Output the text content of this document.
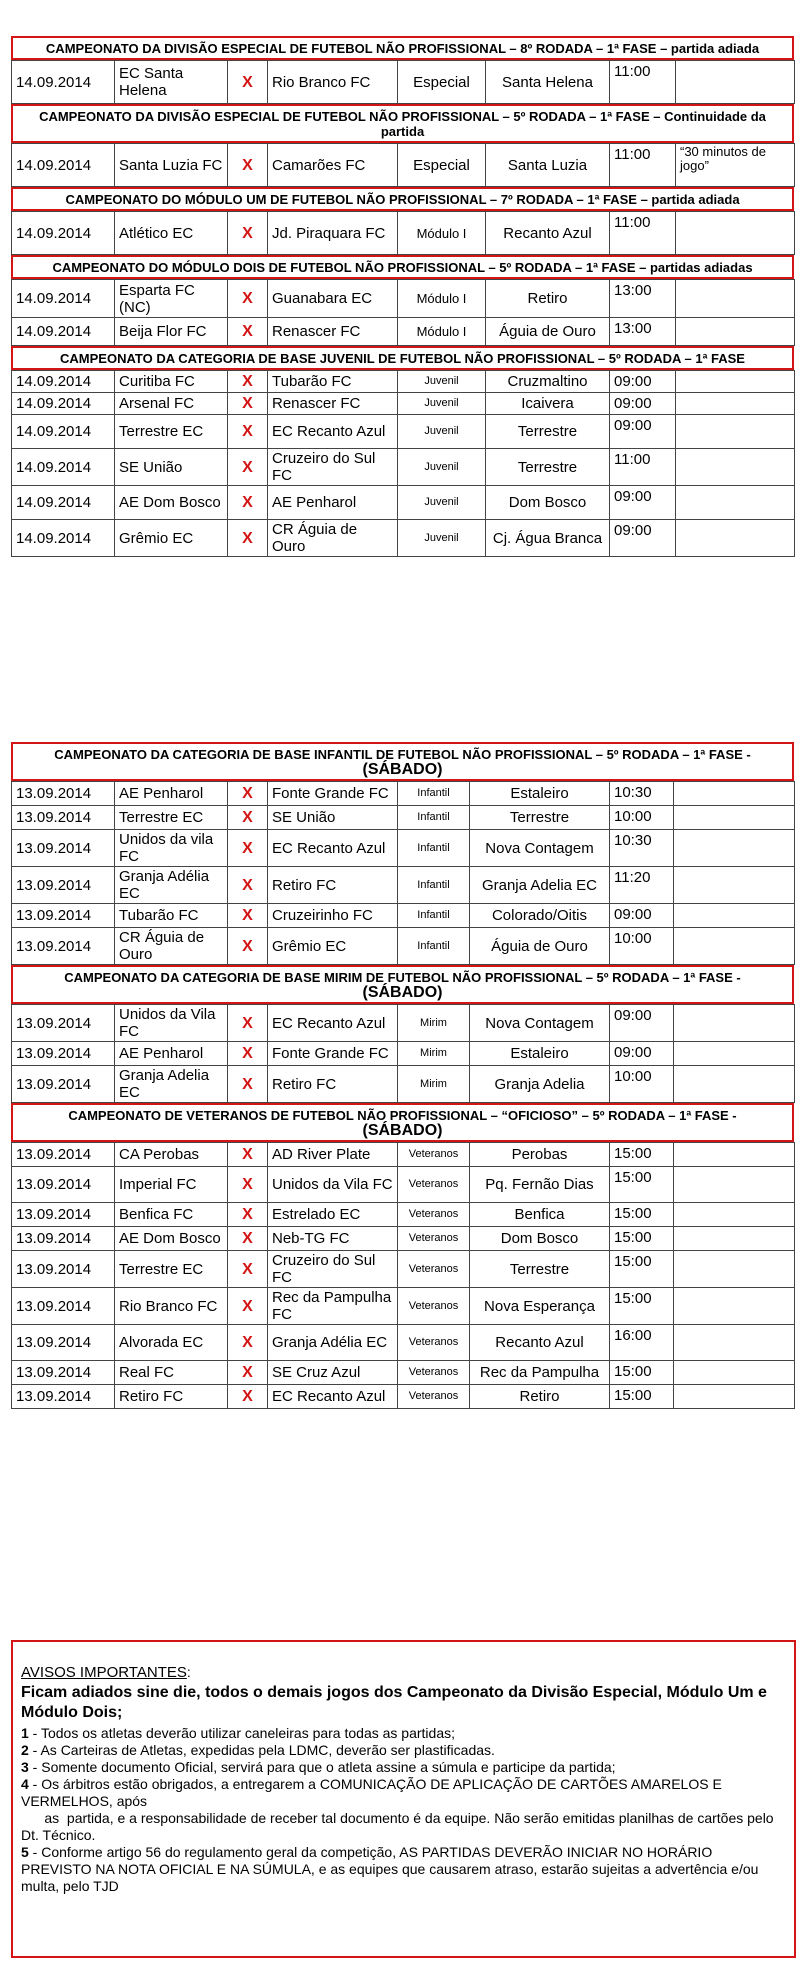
CAMPEONATO DA DIVISÃO ESPECIAL DE FUTEBOL NÃO PROFISSIONAL – 8º RODADA – 1ª FASE – partida adiada
14.09.2014	EC Santa Helena	X	Rio Branco FC	Especial	Santa Helena	11:00	
CAMPEONATO DA DIVISÃO ESPECIAL DE FUTEBOL NÃO PROFISSIONAL – 5º RODADA – 1ª FASE – Continuidade da partida
14.09.2014	Santa Luzia FC	X	Camarões FC	Especial	Santa Luzia	11:00	“30 minutos de jogo”
CAMPEONATO DO MÓDULO UM DE FUTEBOL NÃO PROFISSIONAL – 7º RODADA – 1ª FASE – partida adiada
14.09.2014	Atlético EC	X	Jd. Piraquara FC	Módulo I	Recanto Azul	11:00	
CAMPEONATO DO MÓDULO DOIS DE FUTEBOL NÃO PROFISSIONAL – 5º RODADA – 1ª FASE – partidas adiadas
14.09.2014	Esparta FC (NC)	X	Guanabara EC	Módulo I	Retiro	13:00	
14.09.2014	Beija Flor FC	X	Renascer FC	Módulo I	Águia de Ouro	13:00	
CAMPEONATO DA CATEGORIA DE BASE JUVENIL DE FUTEBOL NÃO PROFISSIONAL – 5º RODADA – 1ª FASE
14.09.2014	Curitiba FC	X	Tubarão FC	Juvenil	Cruzmaltino	09:00	
14.09.2014	Arsenal FC	X	Renascer FC	Juvenil	Icaivera	09:00	
14.09.2014	Terrestre EC	X	EC Recanto Azul	Juvenil	Terrestre	09:00	
14.09.2014	SE União	X	Cruzeiro do Sul FC	Juvenil	Terrestre	11:00	
14.09.2014	AE Dom Bosco	X	AE Penharol	Juvenil	Dom Bosco	09:00	
14.09.2014	Grêmio EC	X	CR Águia de Ouro	Juvenil	Cj. Água Branca	09:00	
CAMPEONATO DA CATEGORIA DE BASE INFANTIL DE FUTEBOL NÃO PROFISSIONAL – 5º RODADA – 1ª FASE - (SÁBADO)
13.09.2014	AE Penharol	X	Fonte Grande FC	Infantil	Estaleiro	10:30	
13.09.2014	Terrestre EC	X	SE União	Infantil	Terrestre	10:00	
13.09.2014	Unidos da vila FC	X	EC Recanto Azul	Infantil	Nova Contagem	10:30	
13.09.2014	Granja Adélia EC	X	Retiro FC	Infantil	Granja Adelia EC	11:20	
13.09.2014	Tubarão FC	X	Cruzeirinho FC	Infantil	Colorado/Oitis	09:00	
13.09.2014	CR Águia de Ouro	X	Grêmio EC	Infantil	Águia de Ouro	10:00	
CAMPEONATO DA CATEGORIA DE BASE MIRIM DE FUTEBOL NÃO PROFISSIONAL – 5º RODADA – 1ª FASE - (SÁBADO)
13.09.2014	Unidos da Vila FC	X	EC Recanto Azul	Mirim	Nova Contagem	09:00	
13.09.2014	AE Penharol	X	Fonte Grande FC	Mirim	Estaleiro	09:00	
13.09.2014	Granja Adelia EC	X	Retiro FC	Mirim	Granja Adelia	10:00	
CAMPEONATO DE VETERANOS DE FUTEBOL NÃO PROFISSIONAL – “OFICIOSO” – 5º RODADA – 1ª FASE - (SÁBADO)
13.09.2014	CA Perobas	X	AD River Plate	Veteranos	Perobas	15:00	
13.09.2014	Imperial FC	X	Unidos da Vila FC	Veteranos	Pq. Fernão Dias	15:00	
13.09.2014	Benfica FC	X	Estrelado EC	Veteranos	Benfica	15:00	
13.09.2014	AE Dom Bosco	X	Neb-TG FC	Veteranos	Dom Bosco	15:00	
13.09.2014	Terrestre EC	X	Cruzeiro do Sul FC	Veteranos	Terrestre	15:00	
13.09.2014	Rio Branco FC	X	Rec da Pampulha FC	Veteranos	Nova Esperança	15:00	
13.09.2014	Alvorada EC	X	Granja Adélia EC	Veteranos	Recanto Azul	16:00	
13.09.2014	Real FC	X	SE Cruz Azul	Veteranos	Rec da Pampulha	15:00	
13.09.2014	Retiro FC	X	EC Recanto Azul	Veteranos	Retiro	15:00	

AVISOS IMPORTANTES:

Ficam adiados sine die, todos o demais jogos dos Campeonato da Divisão Especial, Módulo Um e Módulo Dois;

1 - Todos os atletas deverão utilizar caneleiras para todas as partidas;

2 - As Carteiras de Atletas, expedidas pela LDMC, deverão ser plastificadas.

3 - Somente documento Oficial, servirá para que o atleta assine a súmula e participe da partida;

4 - Os árbitros estão obrigados, a entregarem a COMUNICAÇÃO DE APLICAÇÃO DE CARTÕES AMARELOS E VERMELHOS, após

as  partida, e a responsabilidade de receber tal documento é da equipe. Não serão emitidas planilhas de cartões pelo Dt. Técnico.

5 - Conforme artigo 56 do regulamento geral da competição, AS PARTIDAS DEVERÃO INICIAR NO HORÁRIO PREVISTO NA NOTA OFICIAL E NA SÚMULA, e as equipes que causarem atraso, estarão sujeitas a advertência e/ou multa, pelo TJD
